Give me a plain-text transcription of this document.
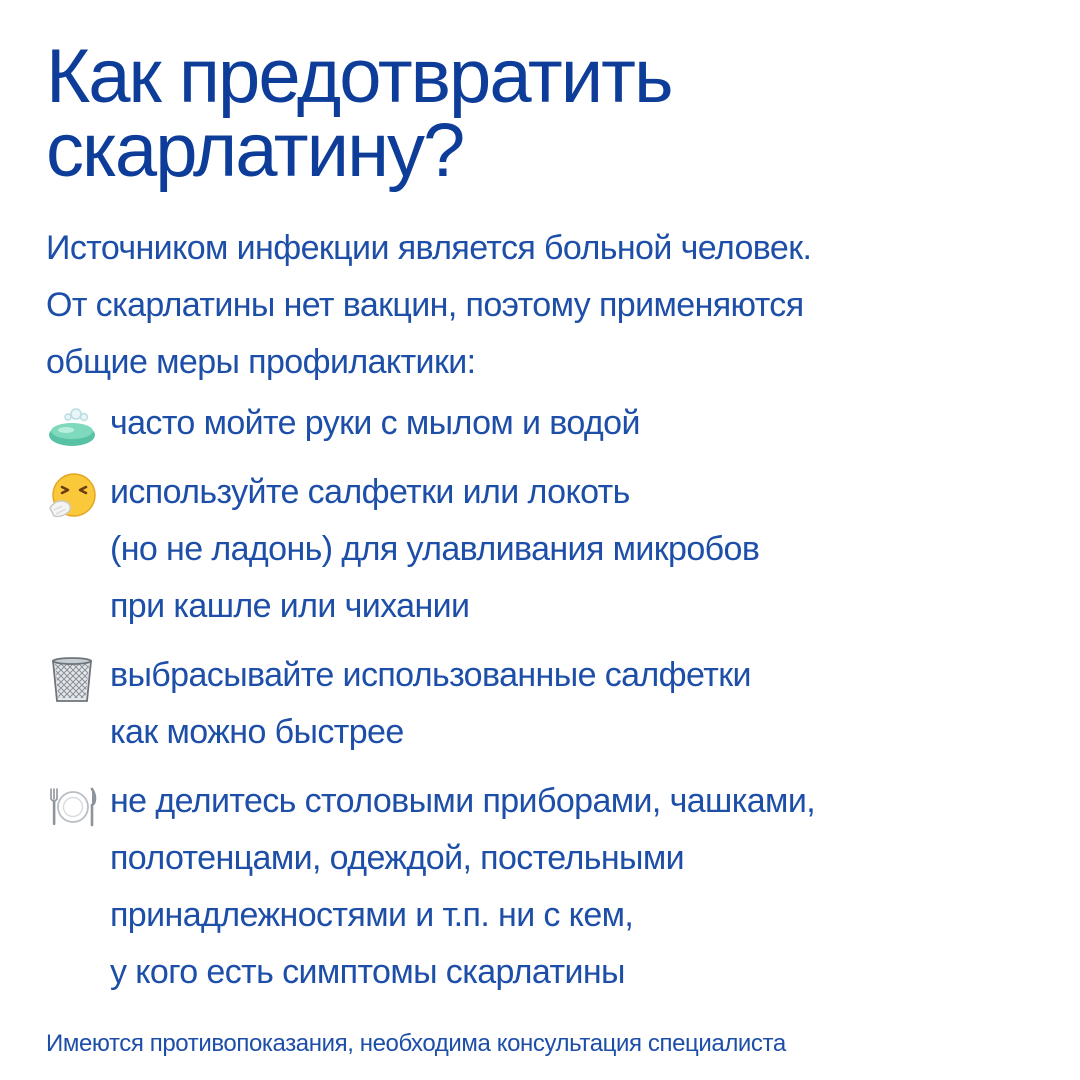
Как предотвратить
скарлатину?

Источником инфекции является больной человек.
От скарлатины нет вакцин, поэтому применяются
общие меры профилактики:

часто мойте руки с мылом и водой
используйте салфетки или локоть
(но не ладонь) для улавливания микробов
при кашле или чихании
выбрасывайте использованные салфетки
как можно быстрее
не делитесь столовыми приборами, чашками,
полотенцами, одеждой, постельными
принадлежностями и т.п. ни с кем,
у кого есть симптомы скарлатины
Имеются противопоказания, необходима консультация специалиста
